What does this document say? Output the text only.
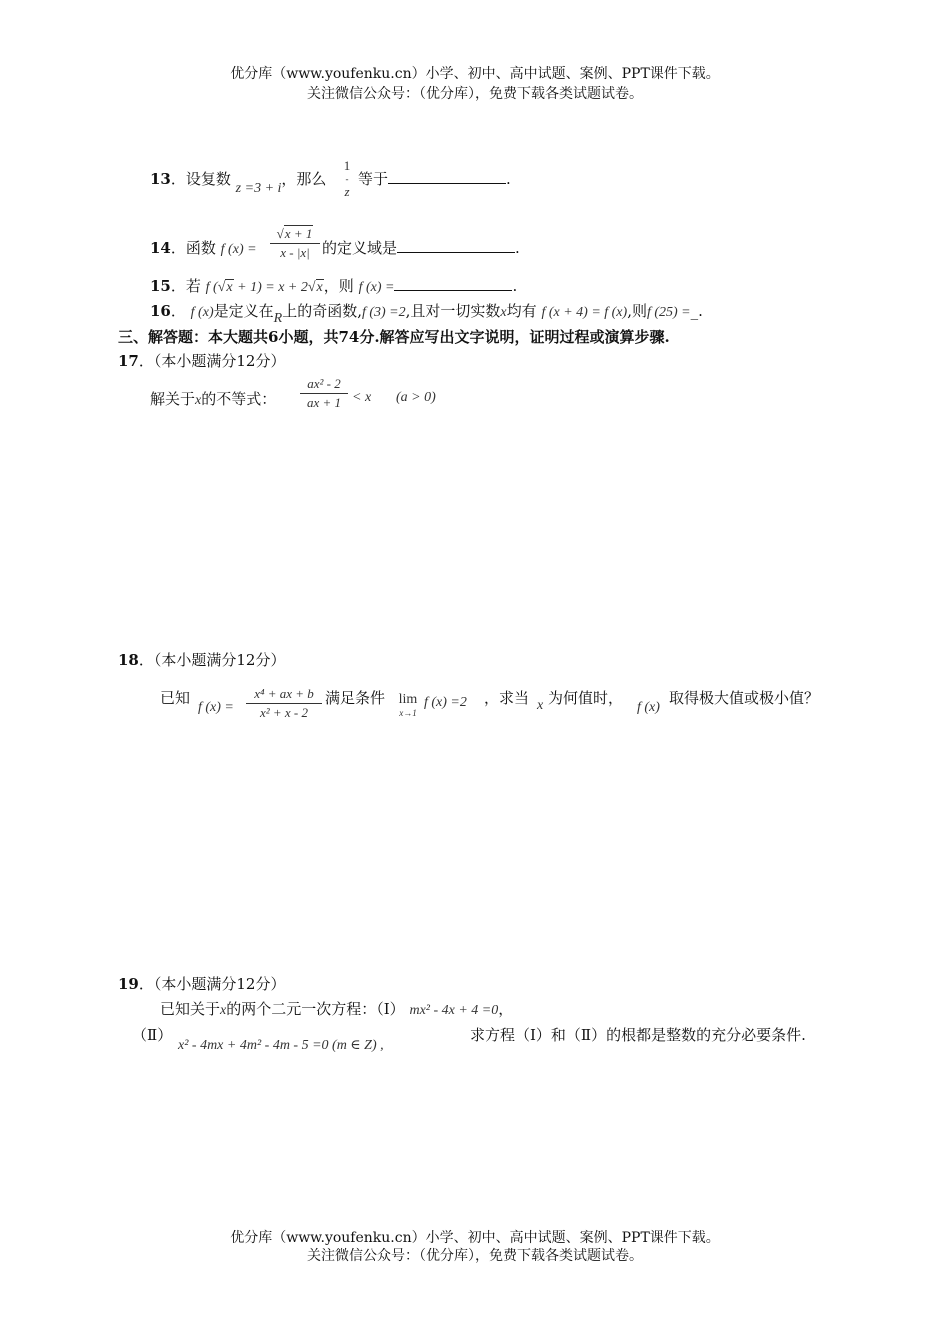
优分库（www.youfenku.cn）小学、初中、高中试题、案例、PPT课件下载。
关注微信公众号：（优分库），免费下载各类试题试卷。
13．设复数 z =3 + i，那么
1
-
z
等于	.
14．函数 f (x) =
√x + 1
x - |x| 的定义域是	.
15．若 f (√x + 1) = x + 2√x，则 f (x) =	.
16． f (x)是定义在R上的奇函数,f (3) =2,且对一切实数x均有 f (x + 4) = f (x),则f (25) =_.
三、解答题：本大题共6小题，共74分.解答应写出文字说明，证明过程或演算步骤.
17．（本小题满分12分）
解关于x的不等式：
ax² - 2
ax + 1 < x (a > 0)
18．（本小题满分12分）
已知
f (x) =
x⁴ + ax + b
x² + x - 2
满足条件 lim
x→1
f (x) =2 ，求当 x 为何值时，
f (x)
取得极大值或极小值？
19．（本小题满分12分）
已知关于x的两个二元一次方程：（Ⅰ） mx² - 4x + 4 =0，
（Ⅱ）
x² - 4mx + 4m² - 4m - 5 =0 (m ∈ Z) ,
求方程（Ⅰ）和（Ⅱ）的根都是整数的充分必要条件.
优分库（www.youfenku.cn）小学、初中、高中试题、案例、PPT课件下载。
关注微信公众号：（优分库），免费下载各类试题试卷。
